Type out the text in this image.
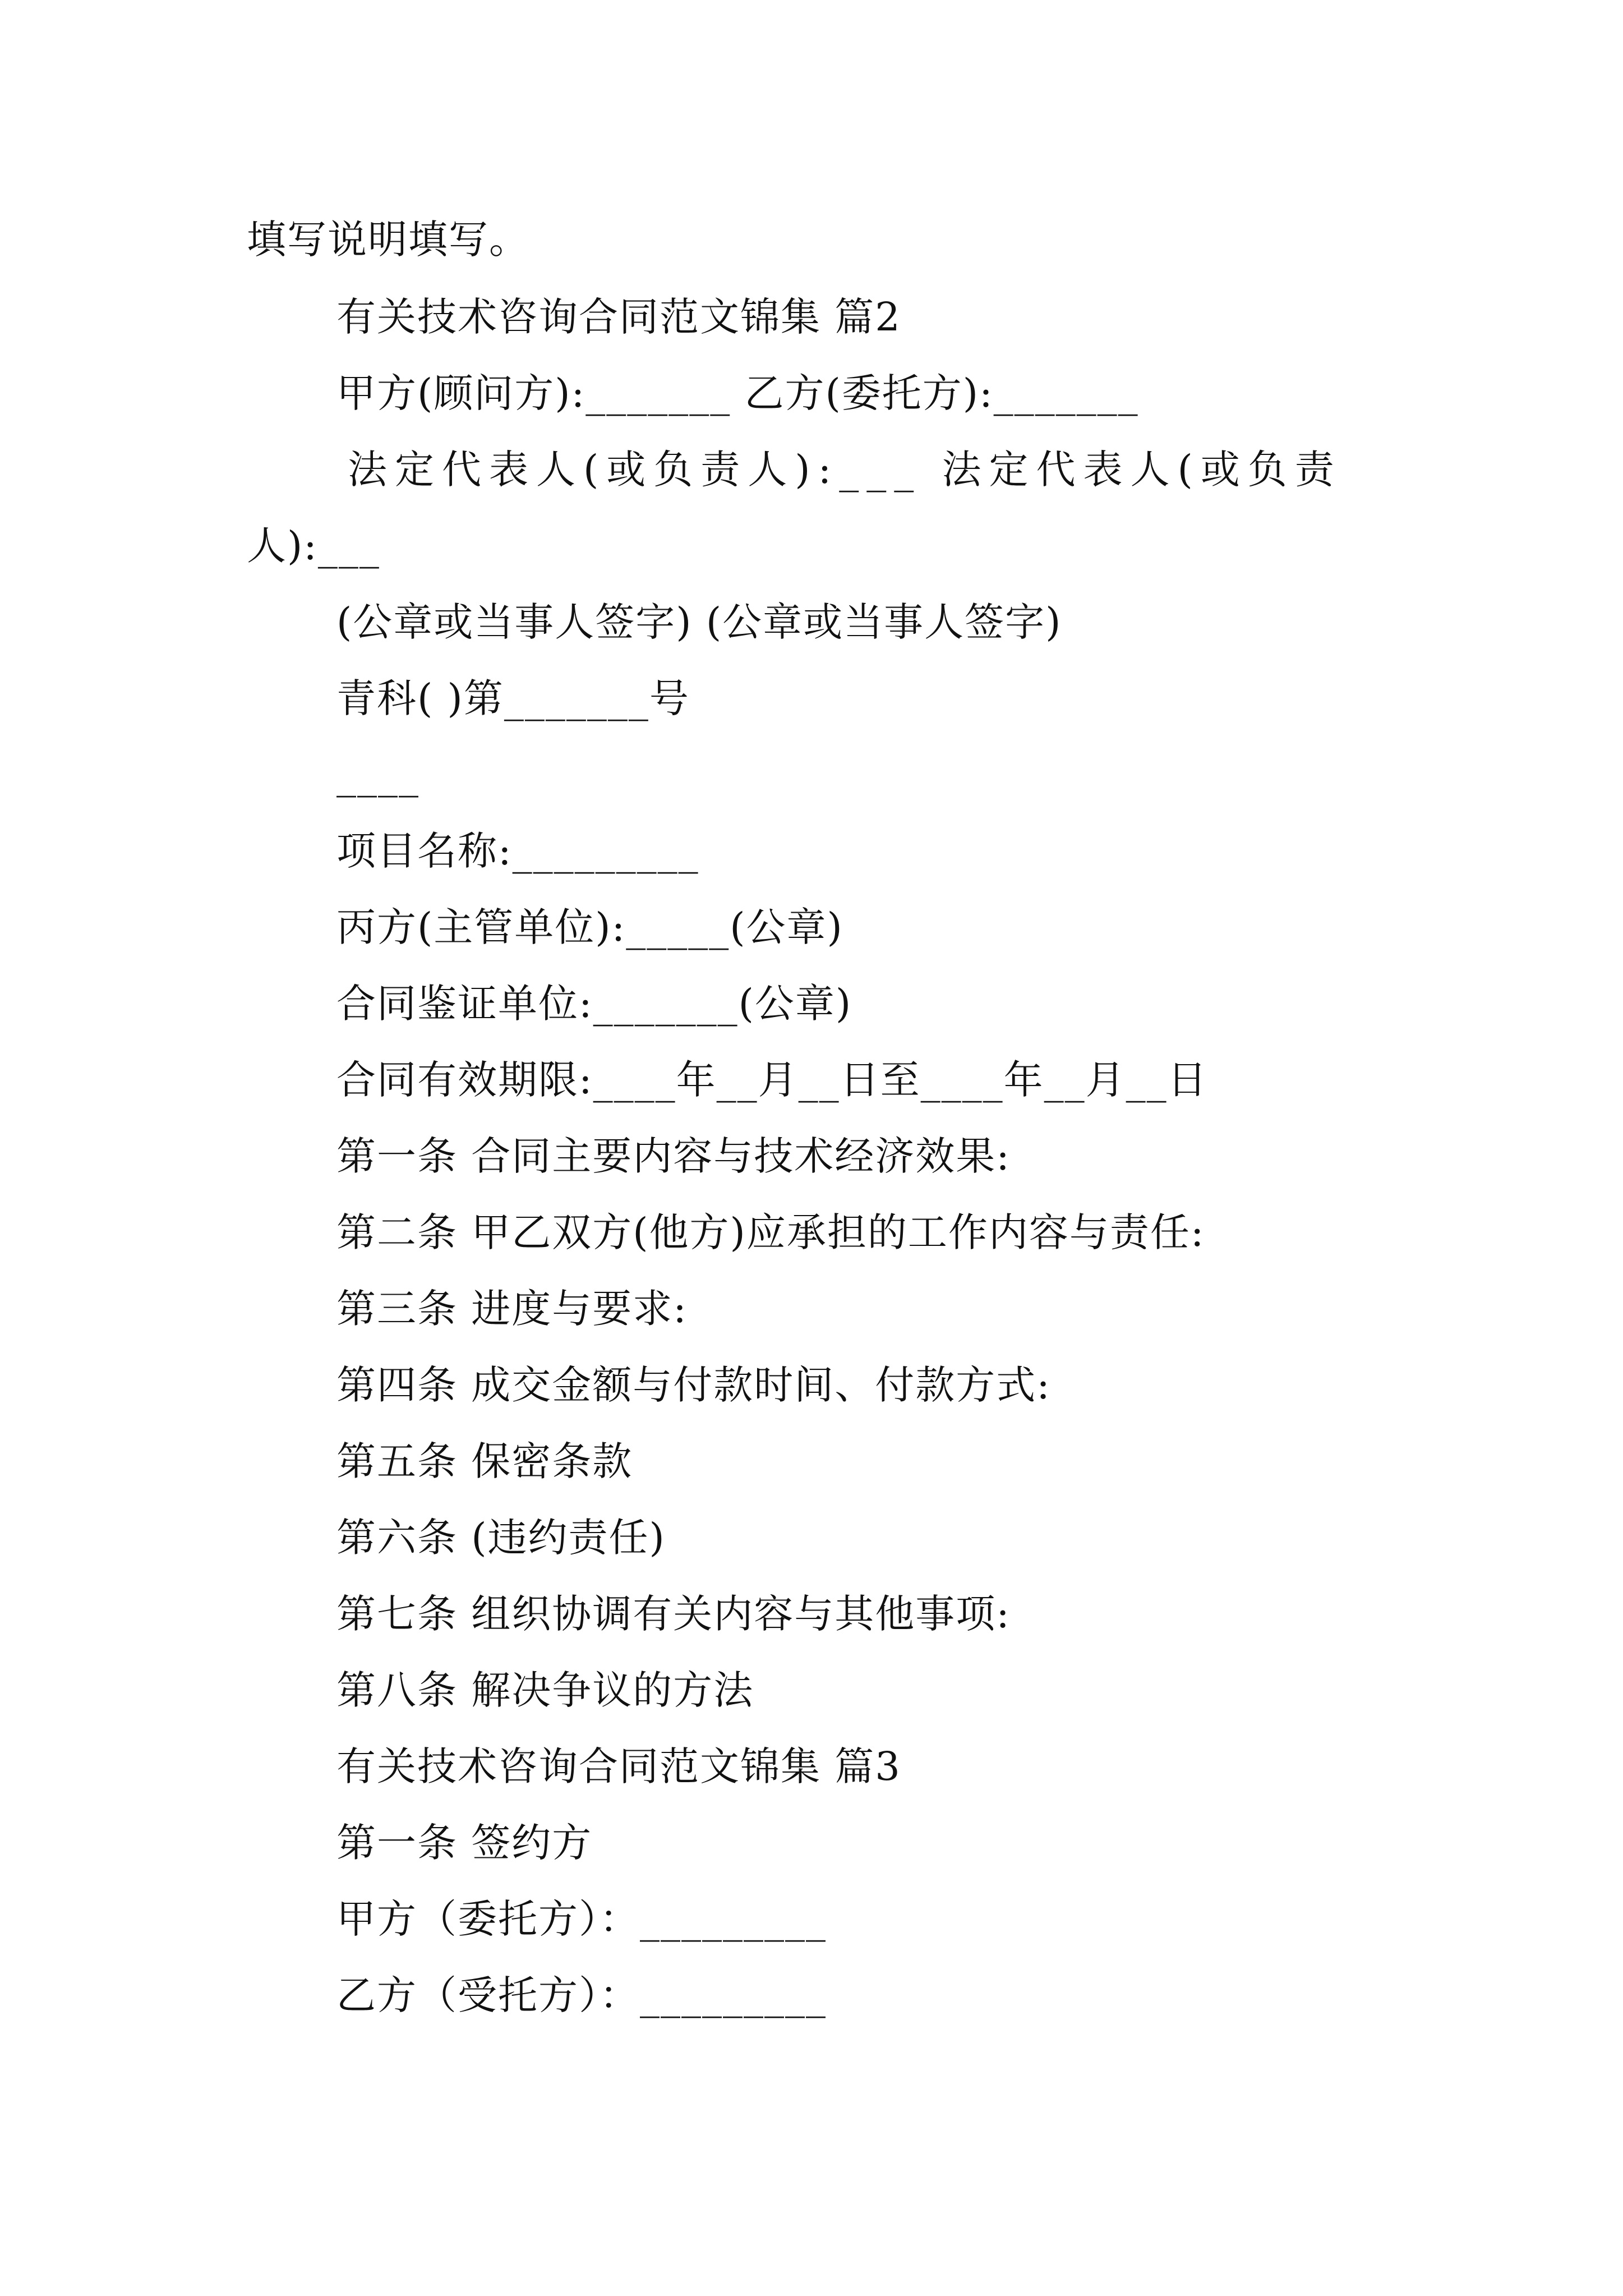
填写说明填写。
有关技术咨询合同范文锦集 篇2
甲方(顾问方):_______ 乙方(委托方):_______
法定代表人(或负责人):___ 法定代表人(或负责
人):___
(公章或当事人签字) (公章或当事人签字)
青科( )第_______号
____
项目名称:_________
丙方(主管单位):_____(公章)
合同鉴证单位:_______(公章)
合同有效期限:____年__月__日至____年__月__日
第一条 合同主要内容与技术经济效果:
第二条 甲乙双方(他方)应承担的工作内容与责任:
第三条 进度与要求:
第四条 成交金额与付款时间、付款方式:
第五条 保密条款
第六条 (违约责任)
第七条 组织协调有关内容与其他事项:
第八条 解决争议的方法
有关技术咨询合同范文锦集 篇3
第一条 签约方
甲方（委托方）：_________
乙方（受托方）：_________
